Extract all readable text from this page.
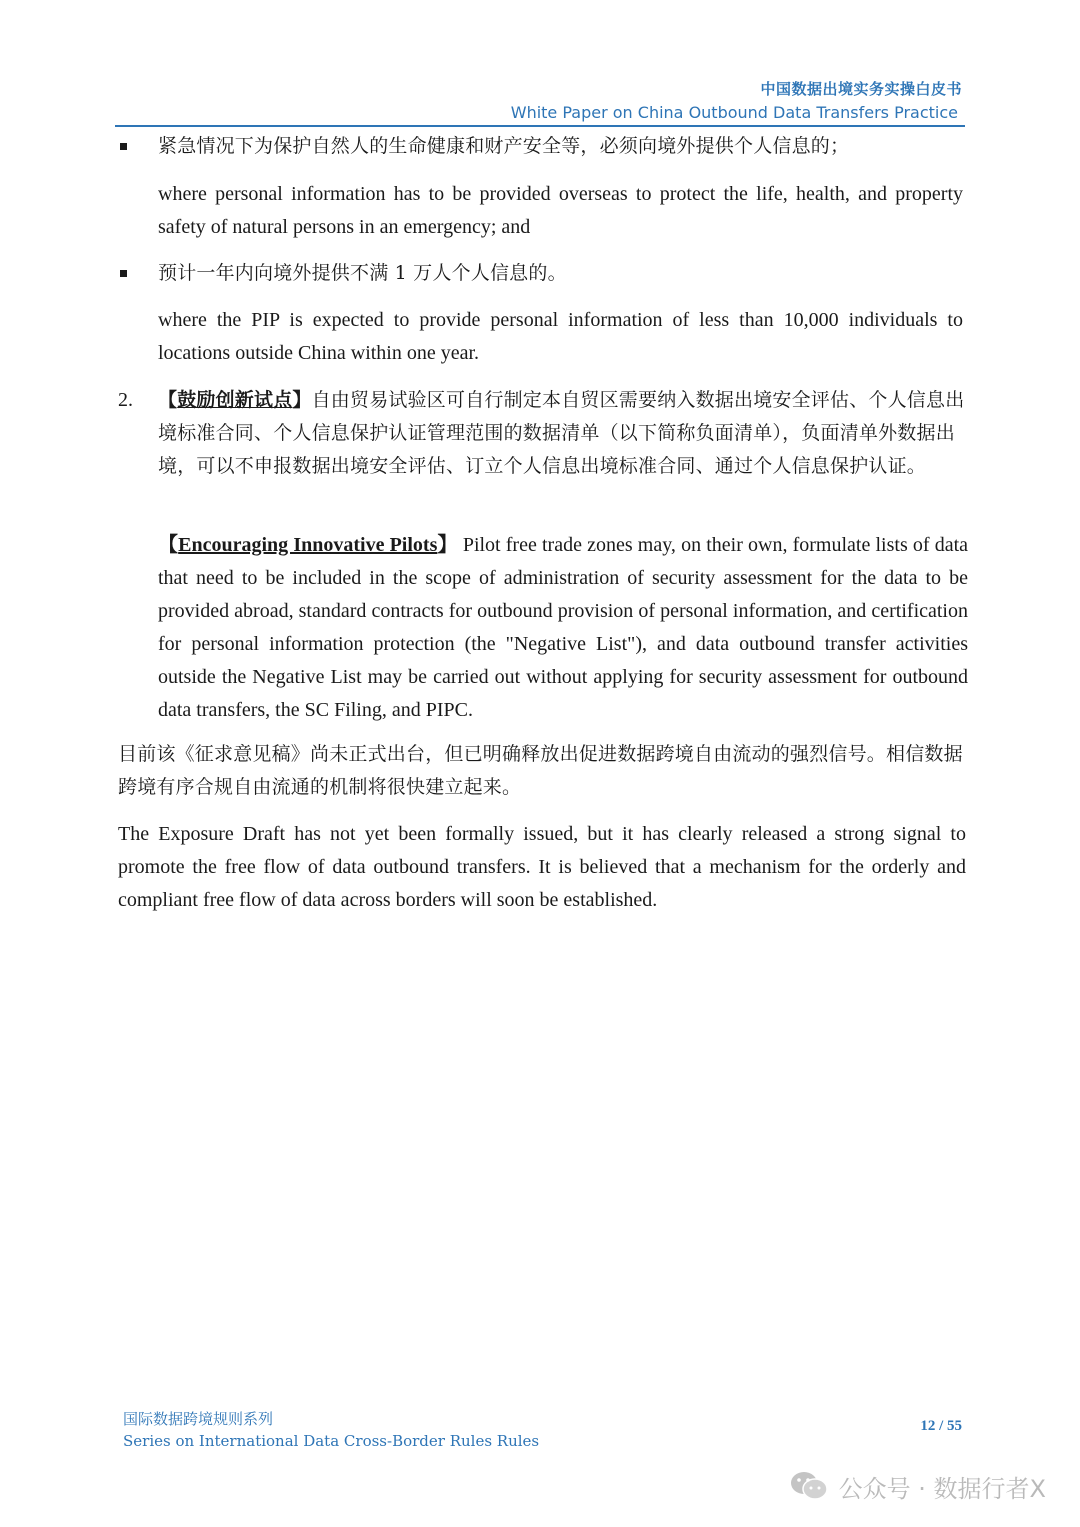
中国数据出境实务实操白皮书
White Paper on China Outbound Data Transfers Practice
紧急情况下为保护自然人的生命健康和财产安全等，必须向境外提供个人信息的；
where personal information has to be provided overseas to protect the life, health, and property safety of natural persons in an emergency; and
预计一年内向境外提供不满 1 万人个人信息的。
where the PIP is expected to provide personal information of less than 10,000 individuals to locations outside China within one year.
2. 【鼓励创新试点】自由贸易试验区可自行制定本自贸区需要纳入数据出境安全评估、个人信息出境标准合同、个人信息保护认证管理范围的数据清单（以下简称负面清单），负面清单外数据出境，可以不申报数据出境安全评估、订立个人信息出境标准合同、通过个人信息保护认证。
【Encouraging Innovative Pilots】 Pilot free trade zones may, on their own, formulate lists of data that need to be included in the scope of administration of security assessment for the data to be provided abroad, standard contracts for outbound provision of personal information, and certification for personal information protection (the "Negative List"), and data outbound transfer activities outside the Negative List may be carried out without applying for security assessment for outbound data transfers, the SC Filing, and PIPC.
目前该《征求意见稿》尚未正式出台，但已明确释放出促进数据跨境自由流动的强烈信号。相信数据跨境有序合规自由流通的机制将很快建立起来。
The Exposure Draft has not yet been formally issued, but it has clearly released a strong signal to promote the free flow of data outbound transfers. It is believed that a mechanism for the orderly and compliant free flow of data across borders will soon be established.
国际数据跨境规则系列
Series on International Data Cross-Border Rules Rules
12 / 55
公众号 · 数据行者X
